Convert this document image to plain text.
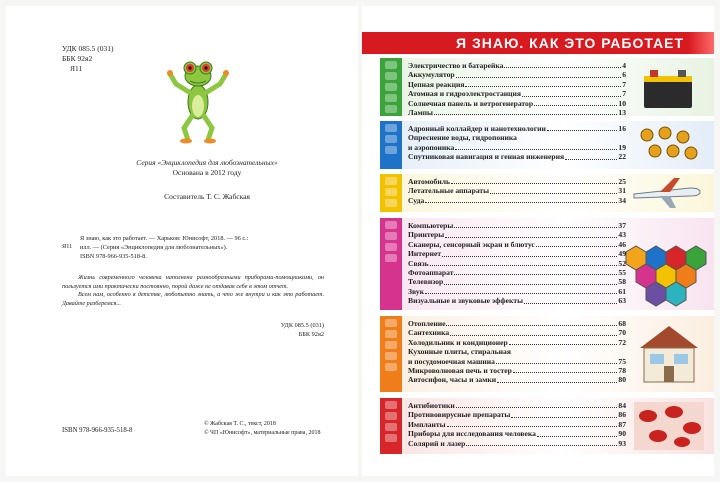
УДК 085.5 (031)
ББК 92я2
Я11
Серия «Энциклопедия для любознательных»
Основана в 2012 году
Составитель Т. С. Жабская
Я знаю, как это работает. — Харьков: Юнисофт, 2018. — 96 с.:
илл. — (Серия «Энциклопедия для любознательных»).
ISBN 978-966-935-518-8.
Я11

Жизнь современного человека наполнена разнообразными приборами-помощниками, он пользуется ими практически постоянно, порой даже не отдавая себе в этом отчет.

Всем нам, особенно в детстве, любопытно знать, а что же внутри и как это работает. Давайте разберемся...

УДК 085.5 (031)
ББК 92я2
ISBN 978-966-935-518-8
© Жабская Т. С., текст, 2018
© ЧП «Юнисофт», материальные права, 2018
Я ЗНАЮ. КАК ЭТО РАБОТАЕТ
Электричество и батарейка	4
Аккумулятор	6
Цепная реакция	7
Атомная и гидроэлектростанция	7
Солнечная панель и ветрогенератор	10
Лампы	13
Адронный коллайдер и нанотехнологии	16
Опреснение воды, гидропоника
и аэропоника	19
Спутниковая навигация и генная инженерия	22
Автомобиль	25
Летательные аппараты	31
Суда	34
Компьютеры	37
Принтеры	43
Сканеры, сенсорный экран и блютус	46
Интернет	49
Связь	52
Фотоаппарат	55
Телевизор	58
Звук	61
Визуальные и звуковые эффекты	63
Отопление	68
Сантехника	70
Холодильник и кондиционер	72
Кухонные плиты, стиральная
и посудомоечная машина	75
Микроволновая печь и тостер	78
Автосифон, часы и замки	80
Антибиотики	84
Противовирусные препараты	86
Импланты	87
Приборы для исследования человека	90
Солярий и лазер	93
